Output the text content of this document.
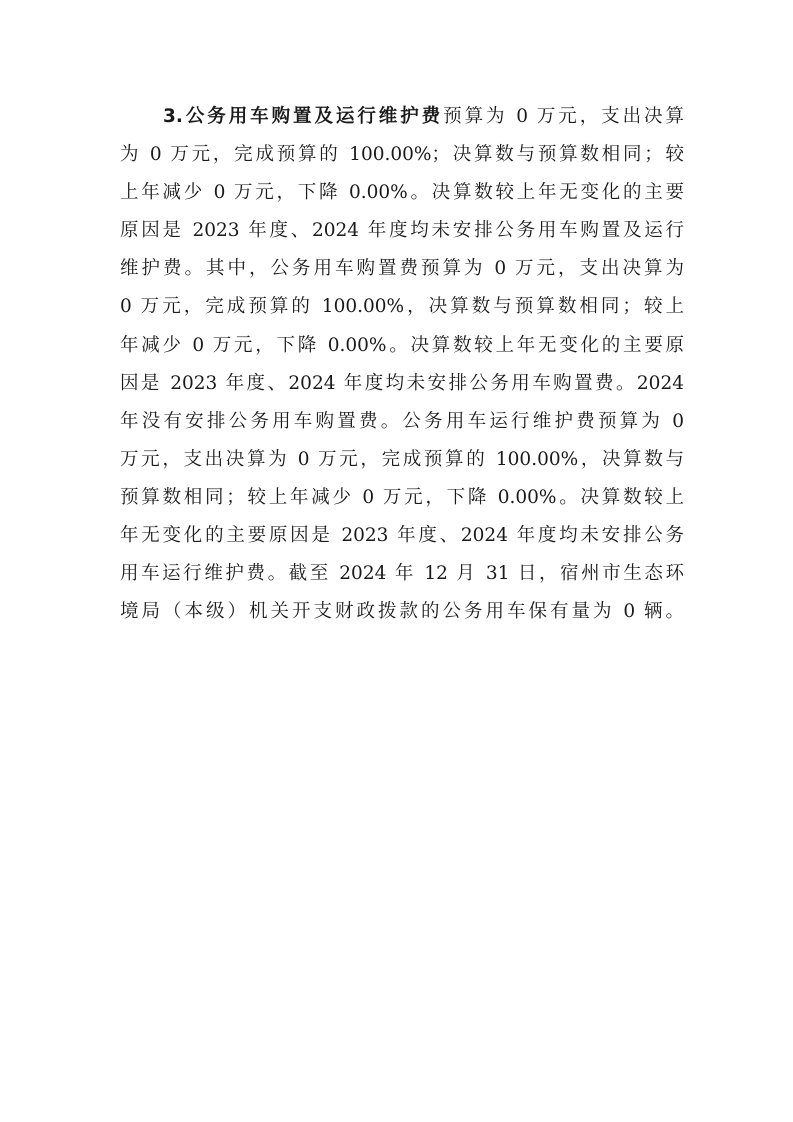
3.公务用车购置及运行维护费预算为 0 万元，支出决算
为 0 万元，完成预算的 100.00%；决算数与预算数相同；较
上年减少 0 万元，下降 0.00%。决算数较上年无变化的主要
原因是 2023 年度、2024 年度均未安排公务用车购置及运行
维护费。其中，公务用车购置费预算为 0 万元，支出决算为
0 万元，完成预算的 100.00%，决算数与预算数相同；较上
年减少 0 万元，下降 0.00%。决算数较上年无变化的主要原
因是 2023 年度、2024 年度均未安排公务用车购置费。2024
年没有安排公务用车购置费。公务用车运行维护费预算为 0
万元，支出决算为 0 万元，完成预算的 100.00%，决算数与
预算数相同；较上年减少 0 万元，下降 0.00%。决算数较上
年无变化的主要原因是 2023 年度、2024 年度均未安排公务
用车运行维护费。截至 2024 年 12 月 31 日，宿州市生态环
境局（本级）机关开支财政拨款的公务用车保有量为 0 辆。
